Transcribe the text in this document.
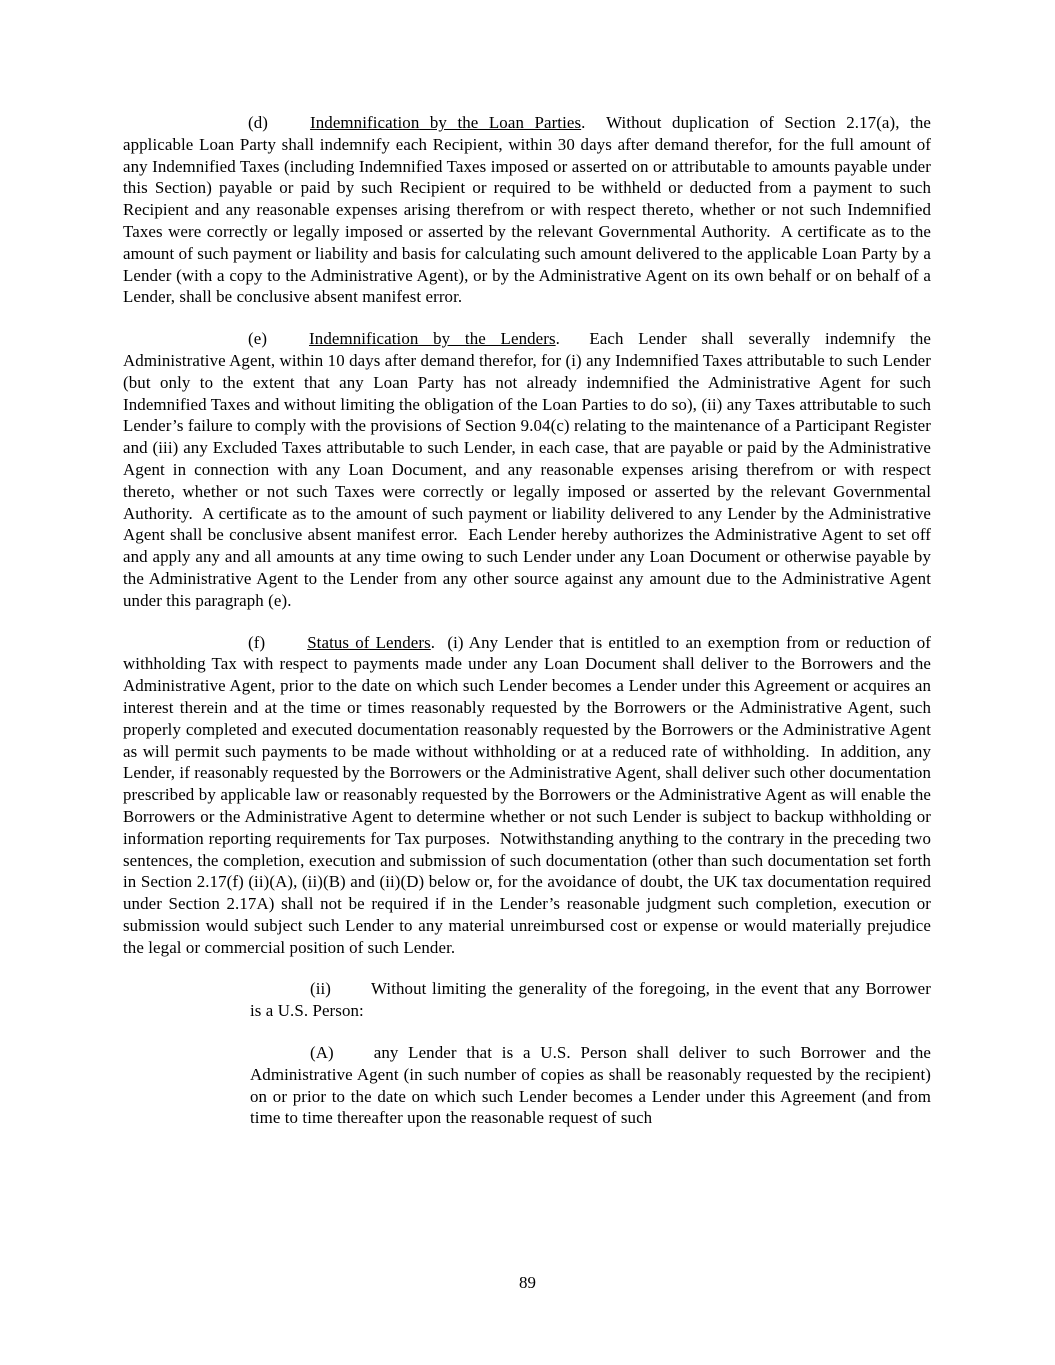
(d) Indemnification by the Loan Parties.  Without duplication of Section 2.17(a), the applicable Loan Party shall indemnify each Recipient, within 30 days after demand therefor, for the full amount of any Indemnified Taxes (including Indemnified Taxes imposed or asserted on or attributable to amounts payable under this Section) payable or paid by such Recipient or required to be withheld or deducted from a payment to such Recipient and any reasonable expenses arising therefrom or with respect thereto, whether or not such Indemnified Taxes were correctly or legally imposed or asserted by the relevant Governmental Authority.  A certificate as to the amount of such payment or liability and basis for calculating such amount delivered to the applicable Loan Party by a Lender (with a copy to the Administrative Agent), or by the Administrative Agent on its own behalf or on behalf of a Lender, shall be conclusive absent manifest error.

(e) Indemnification by the Lenders.  Each Lender shall severally indemnify the Administrative Agent, within 10 days after demand therefor, for (i) any Indemnified Taxes attributable to such Lender (but only to the extent that any Loan Party has not already indemnified the Administrative Agent for such Indemnified Taxes and without limiting the obligation of the Loan Parties to do so), (ii) any Taxes attributable to such Lender’s failure to comply with the provisions of Section 9.04(c) relating to the maintenance of a Participant Register and (iii) any Excluded Taxes attributable to such Lender, in each case, that are payable or paid by the Administrative Agent in connection with any Loan Document, and any reasonable expenses arising therefrom or with respect thereto, whether or not such Taxes were correctly or legally imposed or asserted by the relevant Governmental Authority.  A certificate as to the amount of such payment or liability delivered to any Lender by the Administrative Agent shall be conclusive absent manifest error.  Each Lender hereby authorizes the Administrative Agent to set off and apply any and all amounts at any time owing to such Lender under any Loan Document or otherwise payable by the Administrative Agent to the Lender from any other source against any amount due to the Administrative Agent under this paragraph (e).

(f) Status of Lenders.  (i) Any Lender that is entitled to an exemption from or reduction of withholding Tax with respect to payments made under any Loan Document shall deliver to the Borrowers and the Administrative Agent, prior to the date on which such Lender becomes a Lender under this Agreement or acquires an interest therein and at the time or times reasonably requested by the Borrowers or the Administrative Agent, such properly completed and executed documentation reasonably requested by the Borrowers or the Administrative Agent as will permit such payments to be made without withholding or at a reduced rate of withholding.  In addition, any Lender, if reasonably requested by the Borrowers or the Administrative Agent, shall deliver such other documentation prescribed by applicable law or reasonably requested by the Borrowers or the Administrative Agent as will enable the Borrowers or the Administrative Agent to determine whether or not such Lender is subject to backup withholding or information reporting requirements for Tax purposes.  Notwithstanding anything to the contrary in the preceding two sentences, the completion, execution and submission of such documentation (other than such documentation set forth in Section 2.17(f) (ii)(A), (ii)(B) and (ii)(D) below or, for the avoidance of doubt, the UK tax documentation required under Section 2.17A) shall not be required if in the Lender’s reasonable judgment such completion, execution or submission would subject such Lender to any material unreimbursed cost or expense or would materially prejudice the legal or commercial position of such Lender.

(ii) Without limiting the generality of the foregoing, in the event that any Borrower is a U.S. Person:

(A) any Lender that is a U.S. Person shall deliver to such Borrower and the Administrative Agent (in such number of copies as shall be reasonably requested by the recipient) on or prior to the date on which such Lender becomes a Lender under this Agreement (and from time to time thereafter upon the reasonable request of such

89
